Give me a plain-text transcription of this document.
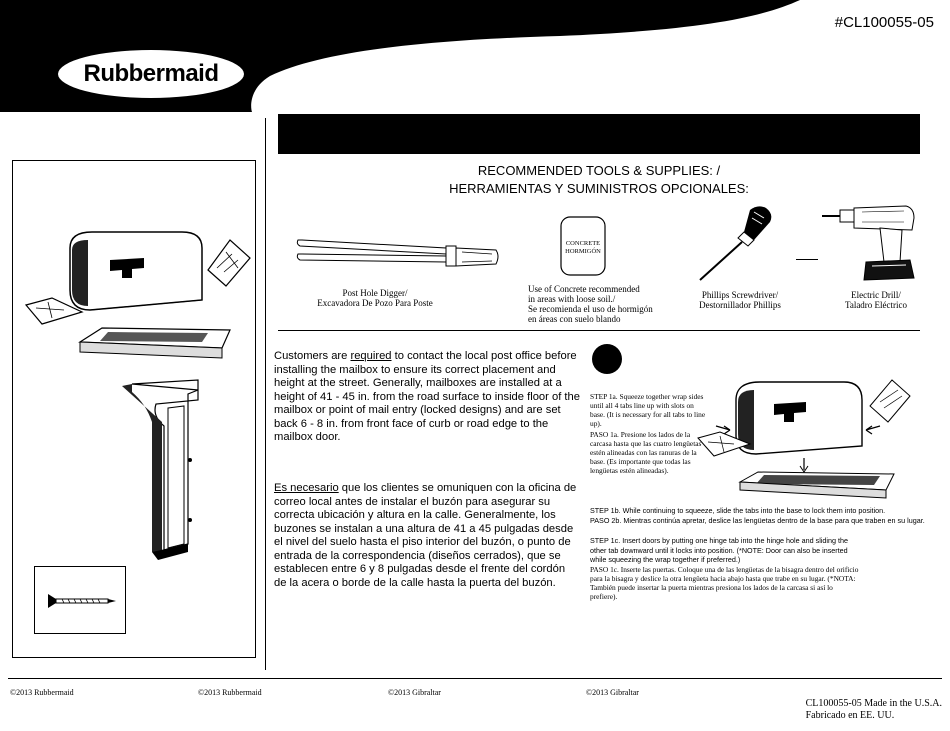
#CL100055-05
Rubbermaid
®
RECOMMENDED TOOLS & SUPPLIES: /
HERRAMIENTAS Y SUMINISTROS OPCIONALES:
Post Hole Digger/
Excavadora De Pozo Para Poste
CONCRETE
HORMIGÓN
Use of Concrete recommended
in areas with loose soil./
Se recomienda el uso de hormigón
en áreas con suelo blando
Phillips Screwdriver/
Destornillador Phillips
Electric Drill/
Taladro Eléctrico
Customers are required to contact the local post office before installing the mailbox to ensure its correct placement and height at the street. Generally, mailboxes are installed at a height of 41 - 45 in. from the road surface to inside floor of the mailbox or point of mail entry (locked designs) and are set back 6 - 8 in. from front face of curb or road edge to the mailbox door.
Es necesario que los clientes se omuniquen con la oficina de correo local antes de instalar el buzón para asegurar su correcta ubicación y altura en la calle. Generalmente, los buzones se instalan a una altura de 41 a 45 pulgadas desde el nivel del suelo hasta el piso interior del buzón, o punto de entrada de la correspondencia (diseños cerrados), que se establecen entre 6 y 8 pulgadas desde el frente del cordón de la acera o borde de la calle hasta la puerta del buzón.
STEP 1a. Squeeze together wrap sides until all 4 tabs line up with slots on base. (It is necessary for all tabs to line up).
PASO 1a. Presione los lados de la carcasa hasta que las cuatro lengüetas estén alineadas con las ranuras de la base. (Es importante que todas las lengüetas estén alineadas).
STEP 1b. While continuing to squeeze, slide the tabs into the base to lock them into position.
PASO 2b. Mientras continúa apretar, deslice las lengüetas dentro de la base para que traben en su lugar.
STEP 1c. Insert doors by putting one hinge tab into the hinge hole and sliding the other tab downward until it locks into position. (*NOTE: Door can also be inserted while squeezing the wrap together if preferred.)
PASO 1c. Inserte las puertas. Coloque una de las lengüetas de la bisagra dentro del orificio para la bisagra y deslice la otra lengüeta hacia abajo hasta que trabe en su lugar. (*NOTA: También puede insertar la puerta mientras presiona los lados de la carcasa si así lo prefiere).
©2013 Rubbermaid	©2013 Rubbermaid	©2013 Gibraltar	©2013 Gibraltar
CL100055-05 Made in the U.S.A.
Fabricado en EE. UU.
